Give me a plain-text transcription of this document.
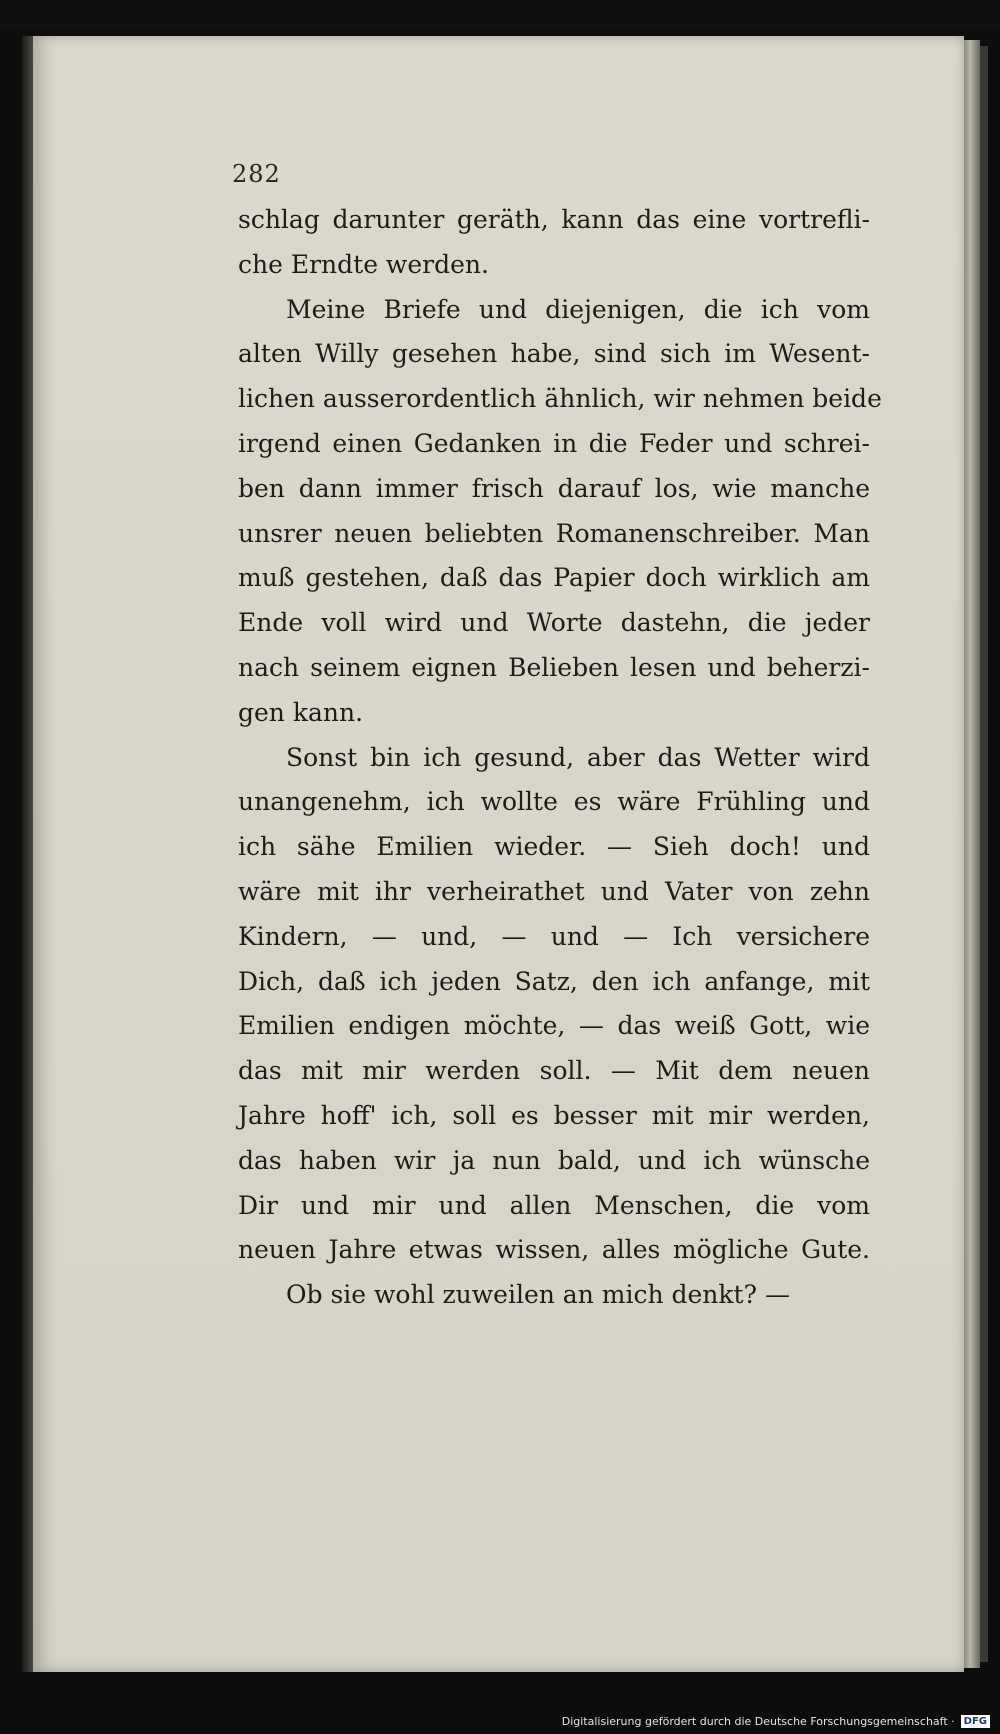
282
schlag darunter geräth, kann das eine vortrefli-
che Erndte werden.
Meine Briefe und diejenigen, die ich vom
alten Willy gesehen habe, sind sich im Wesent-
lichen ausserordentlich ähnlich, wir nehmen beide
irgend einen Gedanken in die Feder und schrei-
ben dann immer frisch darauf los, wie manche
unsrer neuen beliebten Romanenschreiber. Man
muß gestehen, daß das Papier doch wirklich am
Ende voll wird und Worte dastehn, die jeder
nach seinem eignen Belieben lesen und beherzi-
gen kann.
Sonst bin ich gesund, aber das Wetter wird
unangenehm, ich wollte es wäre Frühling und
ich sähe Emilien wieder. — Sieh doch! und
wäre mit ihr verheirathet und Vater von zehn
Kindern, — und, — und — Ich versichere
Dich, daß ich jeden Satz, den ich anfange, mit
Emilien endigen möchte, — das weiß Gott, wie
das mit mir werden soll. — Mit dem neuen
Jahre hoff' ich, soll es besser mit mir werden,
das haben wir ja nun bald, und ich wünsche
Dir und mir und allen Menschen, die vom
neuen Jahre etwas wissen, alles mögliche Gute.
Ob sie wohl zuweilen an mich denkt? —
Digitalisierung gefördert durch die Deutsche Forschungsgemeinschaft · DFG
